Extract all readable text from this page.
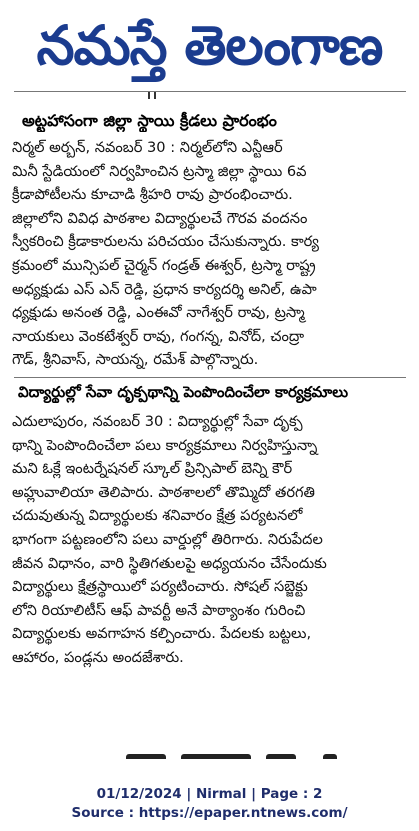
నమస్తే తెలంగాణ
అట్టహాసంగా జిల్లా స్థాయి క్రీడలు ప్రారంభం
నిర్మల్ అర్బన్, నవంబర్ 30 : నిర్మల్‌లోని ఎన్టీఆర్
మినీ స్టేడియంలో నిర్వహించిన ట్రస్మా జిల్లా స్థాయి 6వ
క్రీడాపోటీలను కూచాడి శ్రీహరి రావు ప్రారంభించారు.
జిల్లాలోని వివిధ పాఠశాల విద్యార్థులచే గౌరవ వందనం
స్వీకరించి క్రీడాకారులను పరిచయం చేసుకున్నారు. కార్య
క్రమంలో మున్సిపల్ చైర్మన్ గండ్రత్ ఈశ్వర్, ట్రస్మా రాష్ట్ర
అధ్యక్షుడు ఎస్ ఎన్ రెడ్డి, ప్రధాన కార్యదర్శి అనిల్, ఉపా
ధ్యక్షుడు అనంత రెడ్డి, ఎంఈవో నాగేశ్వర్ రావు, ట్రస్మా
నాయకులు వెంకటేశ్వర్ రావు, గంగన్న, వినోద్, చంద్రా
గౌడ్, శ్రీనివాస్, సాయన్న, రమేశ్ పాల్గొన్నారు.
విద్యార్థుల్లో సేవా దృక్పథాన్ని పెంపొందించేలా కార్యక్రమాలు
ఎదులాపురం, నవంబర్ 30 : విద్యార్థుల్లో సేవా దృక్ప
థాన్ని పెంపొందించేలా పలు కార్యక్రమాలు నిర్వహిస్తున్నా
మని ఓక్లే ఇంటర్నేషనల్ స్కూల్ ప్రిన్సిపాల్ బెన్ని కౌర్
అహ్లువాలియా తెలిపారు. పాఠశాలలో తొమ్మిదో తరగతి
చదువుతున్న విద్యార్థులకు శనివారం క్షేత్ర పర్యటనలో
భాగంగా పట్టణంలోని పలు వార్డుల్లో తిరిగారు. నిరుపేదల
జీవన విధానం, వారి స్థితిగతులపై అధ్యయనం చేసేందుకు
విద్యార్థులు క్షేత్రస్థాయిలో పర్యటించారు. సోషల్ సబ్జెక్టు
లోని రియాలిటీస్ ఆఫ్ పావర్టీ అనే పాఠ్యాంశం గురించి
విద్యార్థులకు అవగాహన కల్పించారు. పేదలకు బట్టలు,
ఆహారం, పండ్లను అందజేశారు.

01/12/2024 | Nirmal | Page : 2
Source : https://epaper.ntnews.com/
